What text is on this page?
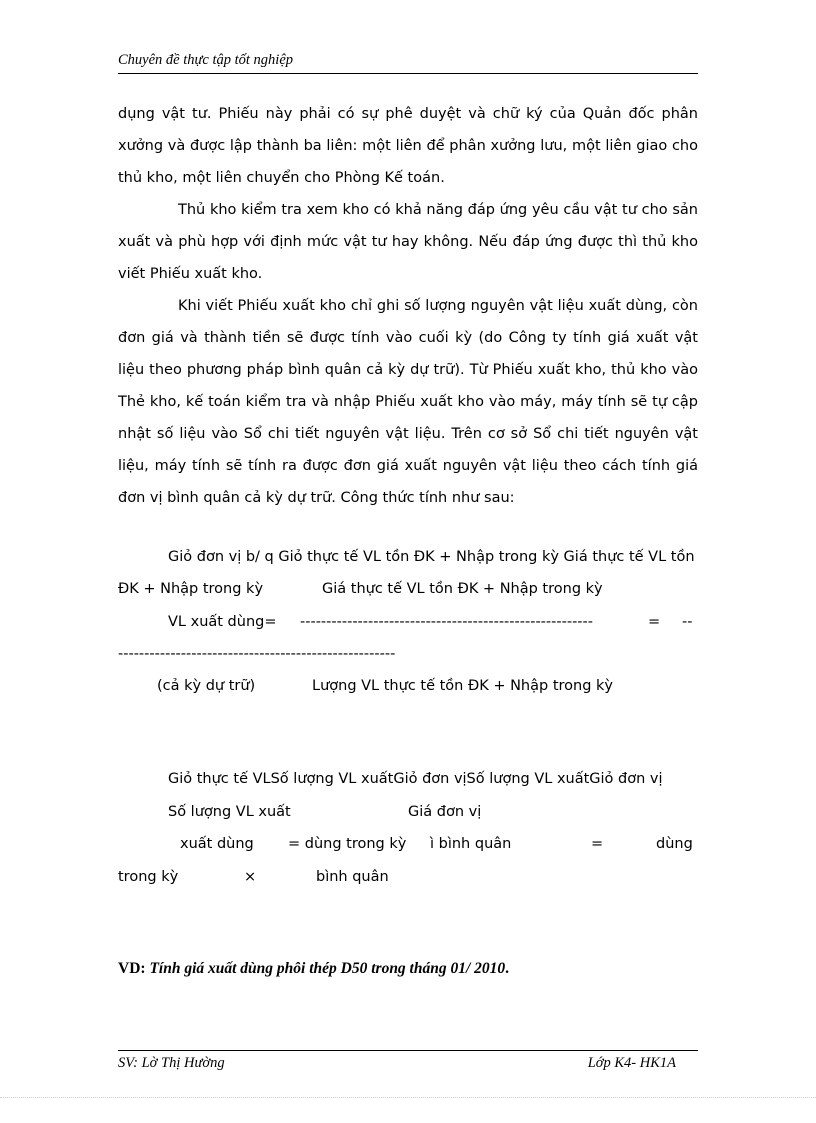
Chuyên đề thực tập tốt nghiệp
dụng vật tư. Phiếu này phải có sự phê duyệt và chữ ký của Quản đốc phân xưởng và được lập thành ba liên: một liên để phân xưởng lưu, một liên giao cho thủ kho, một liên chuyển cho Phòng Kế toán.
Thủ kho kiểm tra xem kho có khả năng đáp ứng yêu cầu vật tư cho sản xuất và phù hợp với định mức vật tư hay không. Nếu đáp ứng được thì thủ kho viết Phiếu xuất kho.
Khi viết Phiếu xuất kho chỉ ghi số lượng nguyên vật liệu xuất dùng, còn đơn giá và thành tiền sẽ được tính vào cuối kỳ (do Công ty tính giá xuất vật liệu theo phương pháp bình quân cả kỳ dự trữ). Từ Phiếu xuất kho, thủ kho vào Thẻ kho, kế toán kiểm tra và nhập Phiếu xuất kho vào máy, máy tính sẽ tự cập nhật số liệu vào Sổ chi tiết nguyên vật liệu. Trên cơ sở Sổ chi tiết nguyên vật liệu, máy tính sẽ tính ra được đơn giá xuất nguyên vật liệu theo cách tính giá đơn vị bình quân cả kỳ dự trữ. Công thức tính như sau:
Giỏ đơn vị b/ q Giỏ thực tế VL tồn ĐK + Nhập trong kỳ Giá thực tế VL tồn
ĐK + Nhập trong kỳ	Giá thực tế VL tồn ĐK + Nhập trong kỳ
VL xuất dùng= --------------------------------------------------------	= --
-----------------------------------------------------
(cả kỳ dự trữ)	Lượng VL thực tế tồn ĐK + Nhập trong kỳ
Giỏ thực tế VLSố lượng VL xuấtGiỏ đơn vịSố lượng VL xuấtGiỏ đơn vị
Số lượng VL xuất	Giá đơn vị
xuất dùng = dùng trong kỳ ì bình quân	=	dùng
trong kỳ	×	bình quân
VD: Tính giá xuất dùng phôi thép D50 trong tháng 01/ 2010.
SV: Lờ Thị Hường	Lớp K4- HK1A
